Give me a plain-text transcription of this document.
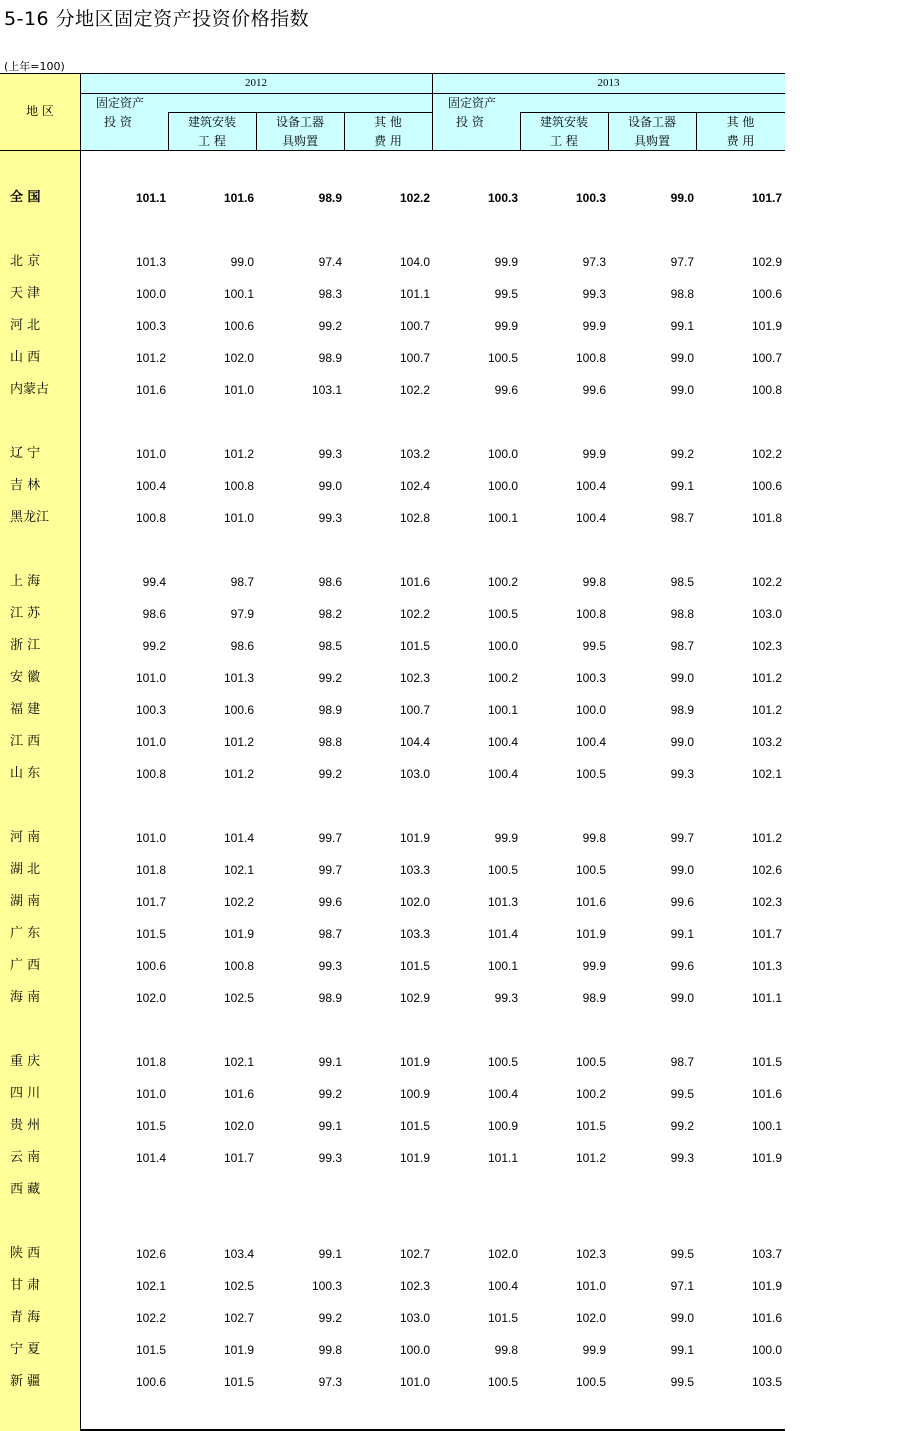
5-16 分地区固定资产投资价格指数
(上年=100)
地 区
2012	2013
固定资产
投 资	建筑安装
工 程
设备工器
具购置
其 他
费 用
固定资产
投 资	建筑安装
工 程
设备工器
具购置
其 他
费 用
全 国	101.1	101.6	98.9	102.2	100.3	100.3	99.0	101.7
北 京	101.3	99.0	97.4	104.0	99.9	97.3	97.7	102.9
天 津	100.0	100.1	98.3	101.1	99.5	99.3	98.8	100.6
河 北	100.3	100.6	99.2	100.7	99.9	99.9	99.1	101.9
山 西	101.2	102.0	98.9	100.7	100.5	100.8	99.0	100.7
内蒙古	101.6	101.0	103.1	102.2	99.6	99.6	99.0	100.8
辽 宁	101.0	101.2	99.3	103.2	100.0	99.9	99.2	102.2
吉 林	100.4	100.8	99.0	102.4	100.0	100.4	99.1	100.6
黑龙江	100.8	101.0	99.3	102.8	100.1	100.4	98.7	101.8
上 海	99.4	98.7	98.6	101.6	100.2	99.8	98.5	102.2
江 苏	98.6	97.9	98.2	102.2	100.5	100.8	98.8	103.0
浙 江	99.2	98.6	98.5	101.5	100.0	99.5	98.7	102.3
安 徽	101.0	101.3	99.2	102.3	100.2	100.3	99.0	101.2
福 建	100.3	100.6	98.9	100.7	100.1	100.0	98.9	101.2
江 西	101.0	101.2	98.8	104.4	100.4	100.4	99.0	103.2
山 东	100.8	101.2	99.2	103.0	100.4	100.5	99.3	102.1
河 南	101.0	101.4	99.7	101.9	99.9	99.8	99.7	101.2
湖 北	101.8	102.1	99.7	103.3	100.5	100.5	99.0	102.6
湖 南	101.7	102.2	99.6	102.0	101.3	101.6	99.6	102.3
广 东	101.5	101.9	98.7	103.3	101.4	101.9	99.1	101.7
广 西	100.6	100.8	99.3	101.5	100.1	99.9	99.6	101.3
海 南	102.0	102.5	98.9	102.9	99.3	98.9	99.0	101.1
重 庆	101.8	102.1	99.1	101.9	100.5	100.5	98.7	101.5
四 川	101.0	101.6	99.2	100.9	100.4	100.2	99.5	101.6
贵 州	101.5	102.0	99.1	101.5	100.9	101.5	99.2	100.1
云 南	101.4	101.7	99.3	101.9	101.1	101.2	99.3	101.9
西 藏
陕 西	102.6	103.4	99.1	102.7	102.0	102.3	99.5	103.7
甘 肃	102.1	102.5	100.3	102.3	100.4	101.0	97.1	101.9
青 海	102.2	102.7	99.2	103.0	101.5	102.0	99.0	101.6
宁 夏	101.5	101.9	99.8	100.0	99.8	99.9	99.1	100.0
新 疆	100.6	101.5	97.3	101.0	100.5	100.5	99.5	103.5
